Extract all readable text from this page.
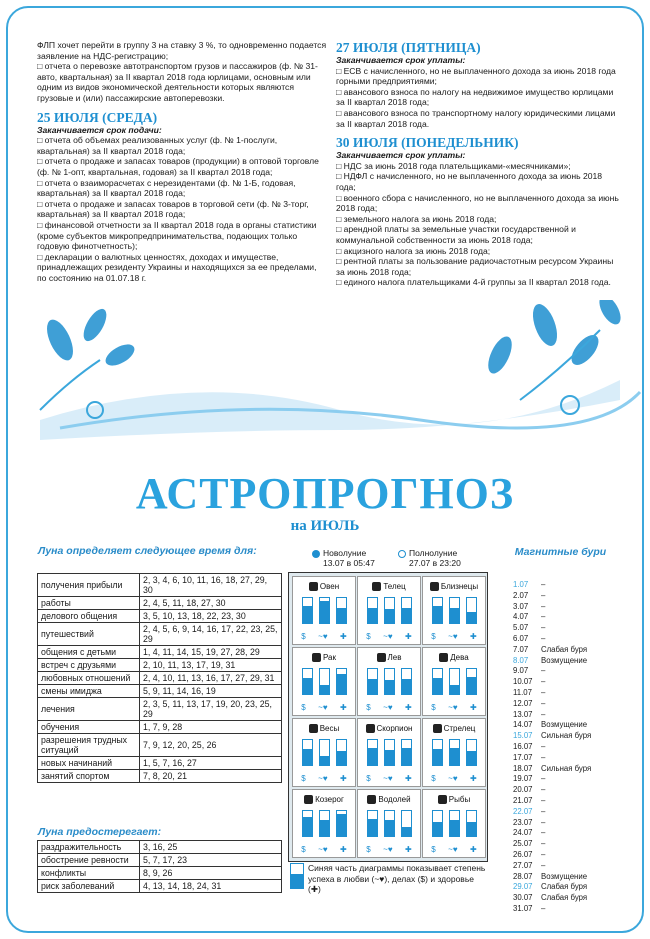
ФЛП хочет перейти в группу 3 на ставку 3 %, то одновременно подается заявление на НДС-регистрацию;

□ отчета о перевозке автотранспортом грузов и пассажиров (ф. № 31-авто, квартальная) за II квартал 2018 года юрлицами, основным или одним из видов экономической деятельности которых являются грузовые и (или) пассажирские автоперевозки.

25 ИЮЛЯ (СРЕДА)

Заканчивается срок подачи:

□ отчета об объемах реализованных услуг (ф. № 1-послуги, квартальная) за II квартал 2018 года;

□ отчета о продаже и запасах товаров (продукции) в оптовой торговле (ф. № 1-опт, квартальная, годовая) за II квартал 2018 года;

□ отчета о взаиморасчетах с нерезидентами (ф. № 1-Б, годовая, квартальная) за II квартал 2018 года;

□ отчета о продаже и запасах товаров в торговой сети (ф. № 3-торг, квартальная) за II квартал 2018 года;

□ финансовой отчетности за II квартал 2018 года в органы статистики (кроме субъектов микропредпринимательства, подающих только годовую финотчетность);

□ декларации о валютных ценностях, доходах и имуществе, принадлежащих резиденту Украины и находящихся за ее пределами, по состоянию на 01.07.18 г.

27 ИЮЛЯ (ПЯТНИЦА)

Заканчивается срок уплаты:

□ ЕСВ с начисленного, но не выплаченного дохода за июнь 2018 года горными предприятиями;

□ авансового взноса по налогу на недвижимое имущество юрлицами за II квартал 2018 года;

□ авансового взноса по транспортному налогу юридическими лицами за II квартал 2018 года.

30 ИЮЛЯ (ПОНЕДЕЛЬНИК)

Заканчивается срок уплаты:

□ НДС за июнь 2018 года плательщиками-«месячниками»;

□ НДФЛ с начисленного, но не выплаченного дохода за июнь 2018 года;

□ военного сбора с начисленного, но не выплаченного дохода за июнь 2018 года;

□ земельного налога за июнь 2018 года;

□ арендной платы за земельные участки государственной и коммунальной собственности за июнь 2018 года;

□ акцизного налога за июнь 2018 года;

□ рентной платы за пользование радиочастотным ресурсом Украины за июнь 2018 года;

□ единого налога плательщиками 4-й группы за II квартал 2018 года.

АСТРОПРОГНОЗ
на ИЮЛЬ
Луна определяет следующее время для:
получения прибыли	2, 3, 4, 6, 10, 11, 16, 18, 27, 29, 30
работы	2, 4, 5, 11, 18, 27, 30
делового общения	3, 5, 10, 13, 18, 22, 23, 30
путешествий	2, 4, 5, 6, 9, 14, 16, 17, 22, 23, 25, 29
общения с детьми	1, 4, 11, 14, 15, 19, 27, 28, 29
встреч с друзьями	2, 10, 11, 13, 17, 19, 31
любовных отношений	2, 4, 10, 11, 13, 16, 17, 27, 29, 31
смены имиджа	5, 9, 11, 14, 16, 19
лечения	2, 3, 5, 11, 13, 17, 19, 20, 23, 25, 29
обучения	1, 7, 9, 28
разрешения трудных ситуаций	7, 9, 12, 20, 25, 26
новых начинаний	1, 5, 7, 16, 27
занятий спортом	7, 8, 20, 21
Луна предостерегает:
раздражительность	3, 16, 25
обострение ревности	5, 7, 17, 23
конфликты	8, 9, 26
риск заболеваний	4, 13, 14, 18, 24, 31
Новолуние
13.07 в 05:47
Полнолуние
27.07 в 23:20
Овен
$ ~♥ ✚
Телец
$ ~♥ ✚
Близнецы
$ ~♥ ✚
Рак
$ ~♥ ✚
Лев
$ ~♥ ✚
Дева
$ ~♥ ✚
Весы
$ ~♥ ✚
Скорпион
$ ~♥ ✚
Стрелец
$ ~♥ ✚
Козерог
$ ~♥ ✚
Водолей
$ ~♥ ✚
Рыбы
$ ~♥ ✚
Синяя часть диаграммы показывает степень успеха в любви (~♥), делах ($) и здоровье (✚)
Магнитные бури
1.07	–
2.07	–
3.07	–
4.07	–
5.07	–
6.07	–
7.07	Слабая буря
8.07	Возмущение
9.07	–
10.07	–
11.07	–
12.07	–
13.07	–
14.07	Возмущение
15.07	Сильная буря
16.07	–
17.07	–
18.07	Сильная буря
19.07	–
20.07	–
21.07	–
22.07	–
23.07	–
24.07	–
25.07	–
26.07	–
27.07	–
28.07	Возмущение
29.07	Слабая буря
30.07	Слабая буря
31.07	–
